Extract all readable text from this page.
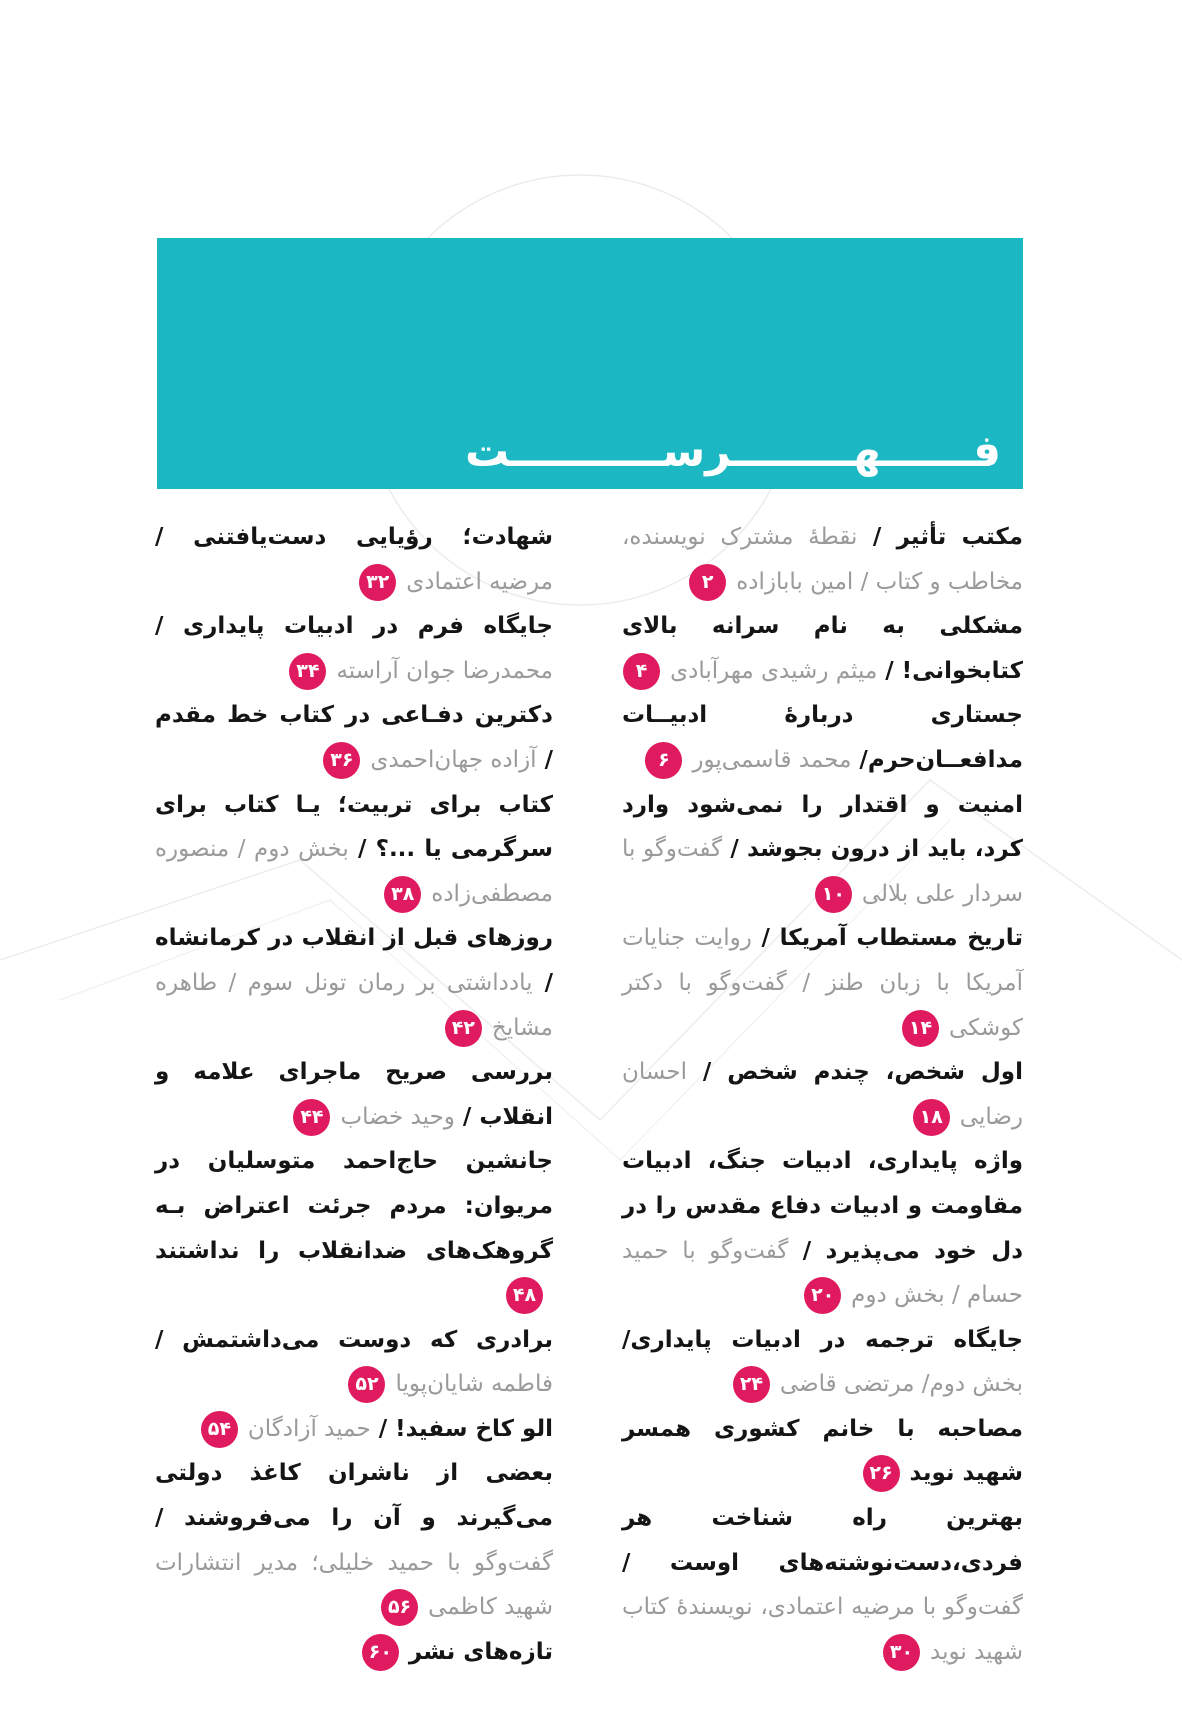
فــــــهــــــــرســــــــــت

مکتب تأثیر / نقطهٔ مشترک نویسنده، مخاطب و کتاب / امین بابازاده۲

مشکلی به نام سرانه بالای کتابخوانی! / میثم رشیدی مهرآبادی۴

جستاری دربارهٔ ادبیــات مدافعــان‌حرم/ محمد قاسمی‌پور۶

امنیت و اقتدار را نمی‌شود وارد کرد، باید از درون بجوشد / گفت‌وگو با سردار علی بلالی۱۰

تاریخ مستطاب آمریکا / روایت جنایات آمریکا با زبان طنز / گفت‌وگو با دکتر کوشکی۱۴

اول شخص، چندم شخص / احسان رضایی۱۸

واژه پایداری، ادبیات جنگ، ادبیات مقاومت و ادبیات دفاع مقدس را در دل خود می‌پذیرد / گفت‌وگو با حمید حسام / بخش دوم۲۰

جایگاه ترجمه در ادبیات پایداری/ بخش دوم/ مرتضی قاضی۲۴

مصاحبه با خانم کشوری همسر شهید نوید۲۶

بهترین راه شناخت هر فردی،دست‌نوشته‌های اوست / گفت‌وگو با مرضیه اعتمادی، نویسندهٔ کتاب شهید نوید۳۰

شهادت؛ رؤیایی دست‌یافتنی / مرضیه اعتمادی۳۲

جایگاه فرم در ادبیات پایداری / محمدرضا جوان آراسته۳۴

دکترین دفـاعی در کتاب خط مقدم / آزاده جهان‌احمدی۳۶

کتاب برای تربیت؛ یـا کتاب برای سرگرمی یا ...؟ / بخش دوم / منصوره مصطفی‌زاده۳۸

روزهای قبل از انقلاب در کرمانشاه / یادداشتی بر رمان تونل سوم / طاهره مشایخ۴۲

بررسی صریح ماجرای علامه و انقلاب / وحید خضاب۴۴

جانشین حاج‌احمد متوسلیان در مریوان: مردم جرئت اعتراض بـه گروهک‌های ضدانقلاب را نداشتند۴۸

برادری که دوست می‌داشتمش / فاطمه شایان‌پویا۵۲

الو کاخ سفید! / حمید آزادگان۵۴

بعضی از ناشران کاغذ دولتی می‌گیرند و آن را می‌فروشند / گفت‌وگو با حمید خلیلی؛ مدیر انتشارات شهید کاظمی۵۶

تازه‌های نشر۶۰
